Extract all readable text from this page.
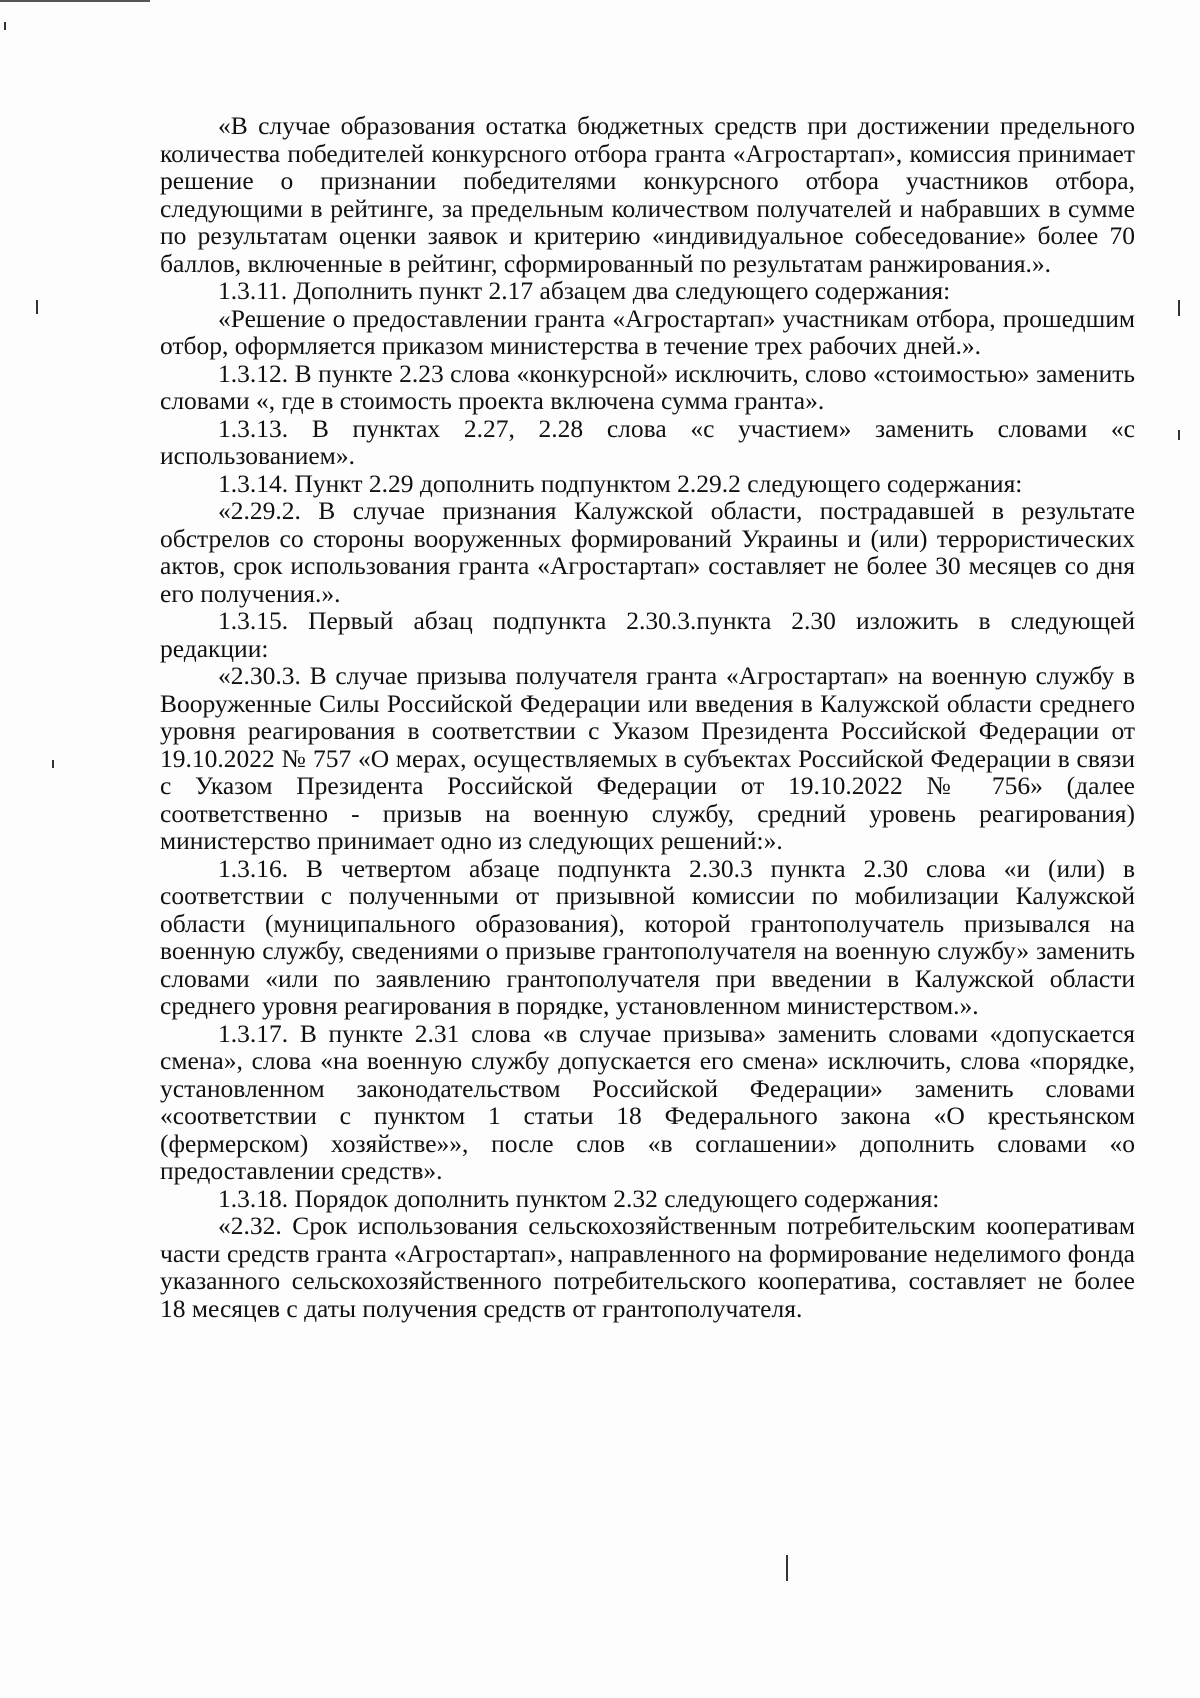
«В случае образования остатка бюджетных средств при достижении предельного количества победителей конкурсного отбора гранта «Агростартап», комиссия принимает решение о признании победителями конкурсного отбора участников отбора, следующими в рейтинге, за предельным количеством получателей и набравших в сумме по результатам оценки заявок и критерию «индивидуальное собеседование» более 70 баллов, включенные в рейтинг, сформированный по результатам ранжирования.».

1.3.11. Дополнить пункт 2.17 абзацем два следующего содержания:

«Решение о предоставлении гранта «Агростартап» участникам отбора, прошедшим отбор, оформляется приказом министерства в течение трех рабочих дней.».

1.3.12. В пункте 2.23 слова «конкурсной» исключить, слово «стоимостью» заменить словами «, где в стоимость проекта включена сумма гранта».

1.3.13. В пунктах 2.27, 2.28 слова «с участием» заменить словами «с использованием».

1.3.14. Пункт 2.29 дополнить подпунктом 2.29.2 следующего содержания:

«2.29.2. В случае признания Калужской области, пострадавшей в результате обстрелов со стороны вооруженных формирований Украины и (или) террористических актов, срок использования гранта «Агростартап» составляет не более 30 месяцев со дня его получения.».

1.3.15. Первый абзац подпункта 2.30.3.пункта 2.30 изложить в следующей редакции:

«2.30.3. В случае призыва получателя гранта «Агростартап» на военную службу в Вооруженные Силы Российской Федерации или введения в Калужской области среднего уровня реагирования в соответствии с Указом Президента Российской Федерации от 19.10.2022 № 757 «О мерах, осуществляемых в субъектах Российской Федерации в связи с Указом Президента Российской Федерации от 19.10.2022 № 756» (далее соответственно - призыв на военную службу, средний уровень реагирования) министерство принимает одно из следующих решений:».

1.3.16. В четвертом абзаце подпункта 2.30.3 пункта 2.30 слова «и (или) в соответствии с полученными от призывной комиссии по мобилизации Калужской области (муниципального образования), которой грантополучатель призывался на военную службу, сведениями о призыве грантополучателя на военную службу» заменить словами «или по заявлению грантополучателя при введении в Калужской области среднего уровня реагирования в порядке, установленном министерством.».

1.3.17. В пункте 2.31 слова «в случае призыва» заменить словами «допускается смена», слова «на военную службу допускается его смена» исключить, слова «порядке, установленном законодательством Российской Федерации» заменить словами «соответствии с пунктом 1 статьи 18 Федерального закона «О крестьянском (фермерском) хозяйстве»», после слов «в соглашении» дополнить словами «о предоставлении средств».

1.3.18. Порядок дополнить пунктом 2.32 следующего содержания:

«2.32. Срок использования сельскохозяйственным потребительским кооперативам части средств гранта «Агростартап», направленного на формирование неделимого фонда указанного сельскохозяйственного потребительского кооператива, составляет не более 18 месяцев с даты получения средств от грантополучателя.
